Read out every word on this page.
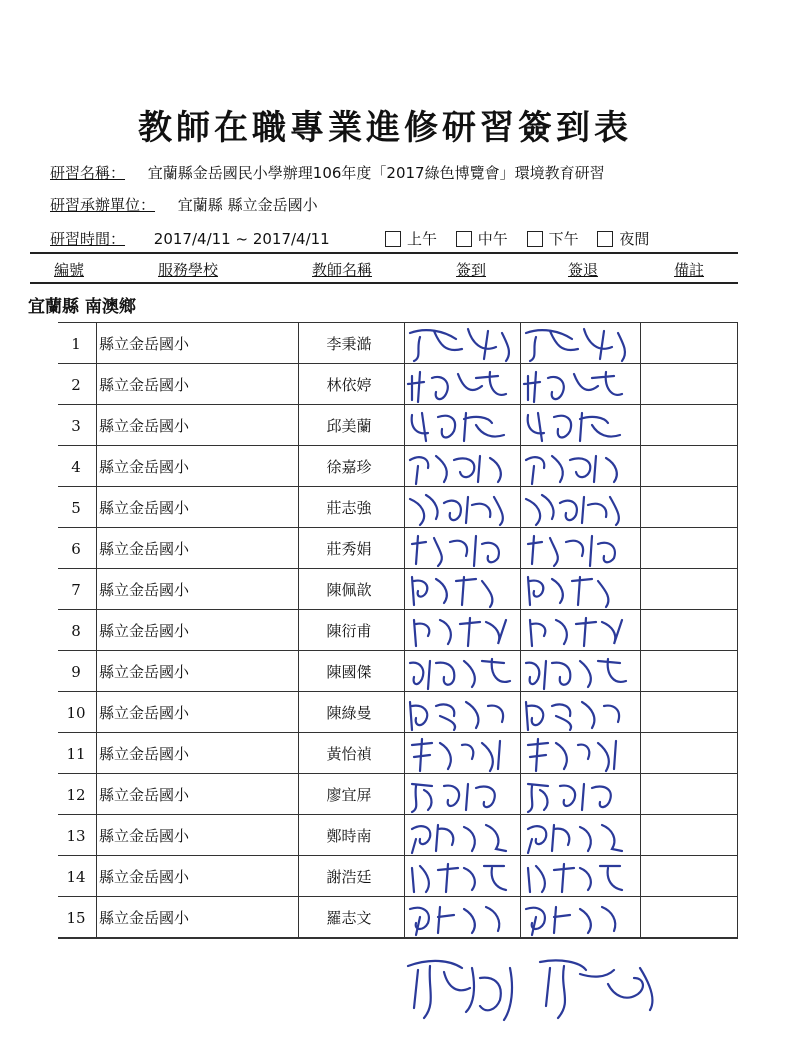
教師在職專業進修研習簽到表
研習名稱： 宜蘭縣金岳國民小學辦理106年度「2017綠色博覽會」環境教育研習
研習承辦單位： 宜蘭縣 縣立金岳國小
研習時間： 2017/4/11 ~ 2017/4/11	上午
	中午
	下午
	夜間
編號	服務學校	教師名稱	簽到	簽退	備註
宜蘭縣 南澳鄉
1	縣立金岳國小	李秉澔
2	縣立金岳國小	林依婷
3	縣立金岳國小	邱美蘭
4	縣立金岳國小	徐嘉珍
5	縣立金岳國小	莊志強
6	縣立金岳國小	莊秀娟
7	縣立金岳國小	陳佩歆
8	縣立金岳國小	陳衍甫
9	縣立金岳國小	陳國傑
10 縣立金岳國小	陳綠曼
11 縣立金岳國小	黃怡禎
12 縣立金岳國小	廖宜屏
13 縣立金岳國小	鄭時南
14 縣立金岳國小	謝浩廷
15 縣立金岳國小	羅志文
